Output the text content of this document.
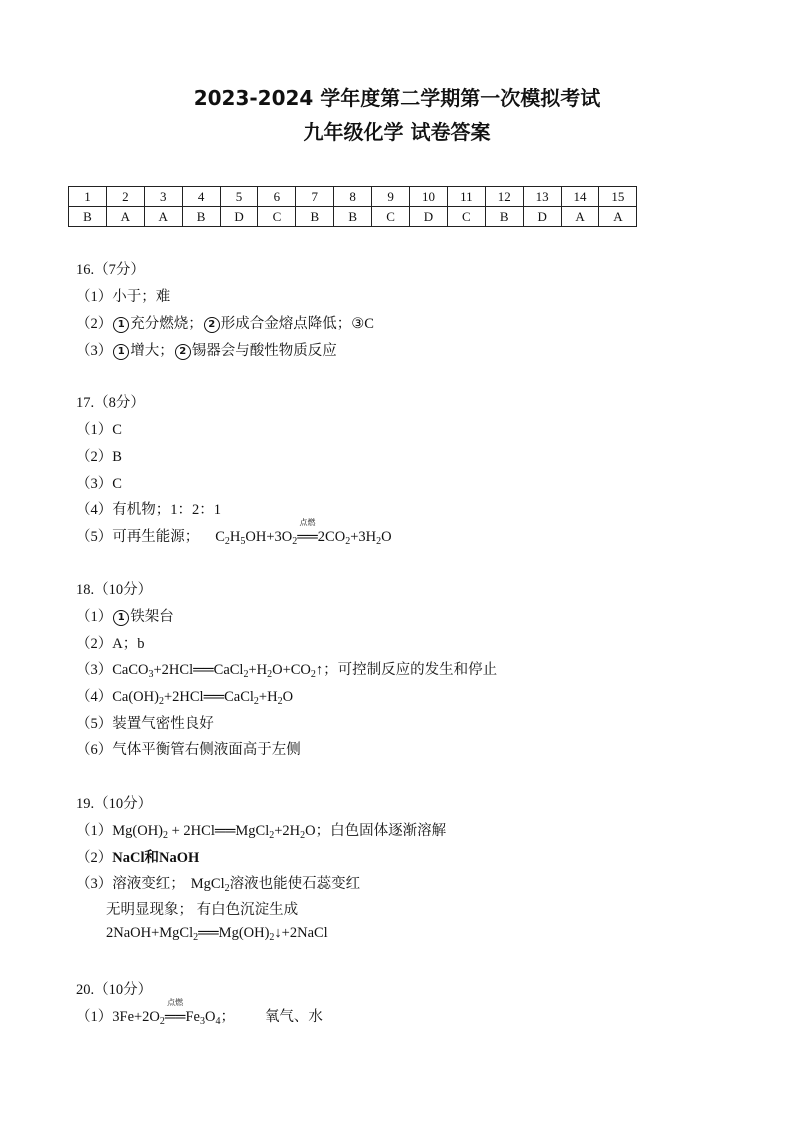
2023-2024 学年度第二学期第一次模拟考试
九年级化学 试卷答案
1	2	3	4	5	6	7	8	9	10	11	12	13	14	15
B	A	A	B	D	C	B	B	C	D	C	B	D	A	A
16.（7分）
（1）小于；难
（2） 1 充分燃烧； 2 形成合金熔点降低；③C
（3） 1 增大； 2 锡器会与酸性物质反应
17.（8分）
（1）C
（2）B
（3）C
（4）有机物；1：2：1
（5）可再生能源； $C_2H_5OH+3O_2$
点燃
$══2CO_2+3H_2O$
18.（10分）
（1） 1 铁架台
（2）A；b
$(3)CaCO_3+2HCl══CaCl_2+H_2O+CO_2↑$；可控制反应的发生和停止
$(4)Ca(OH)_2+2HCl══CaCl_2+H_2O$
（5）装置气密性良好
（6）气体平衡管右侧液面高于左侧
19.（10分）
$(1)Mg(OH)_2$ + $2HCl══MgCl_2+2H_2O$；白色固体逐渐溶解
（2）NaCl和NaOH
（3）溶液变红； MgCl$_2$溶液也能使石蕊变红
无明显现象； 有白色沉淀生成
$2NaOH+MgCl_2══Mg(OH)_2↓+2NaCl$
20.（10分）
$(1)3Fe+2O_2$
点燃
$══Fe_3O_4$； 氧气、水
